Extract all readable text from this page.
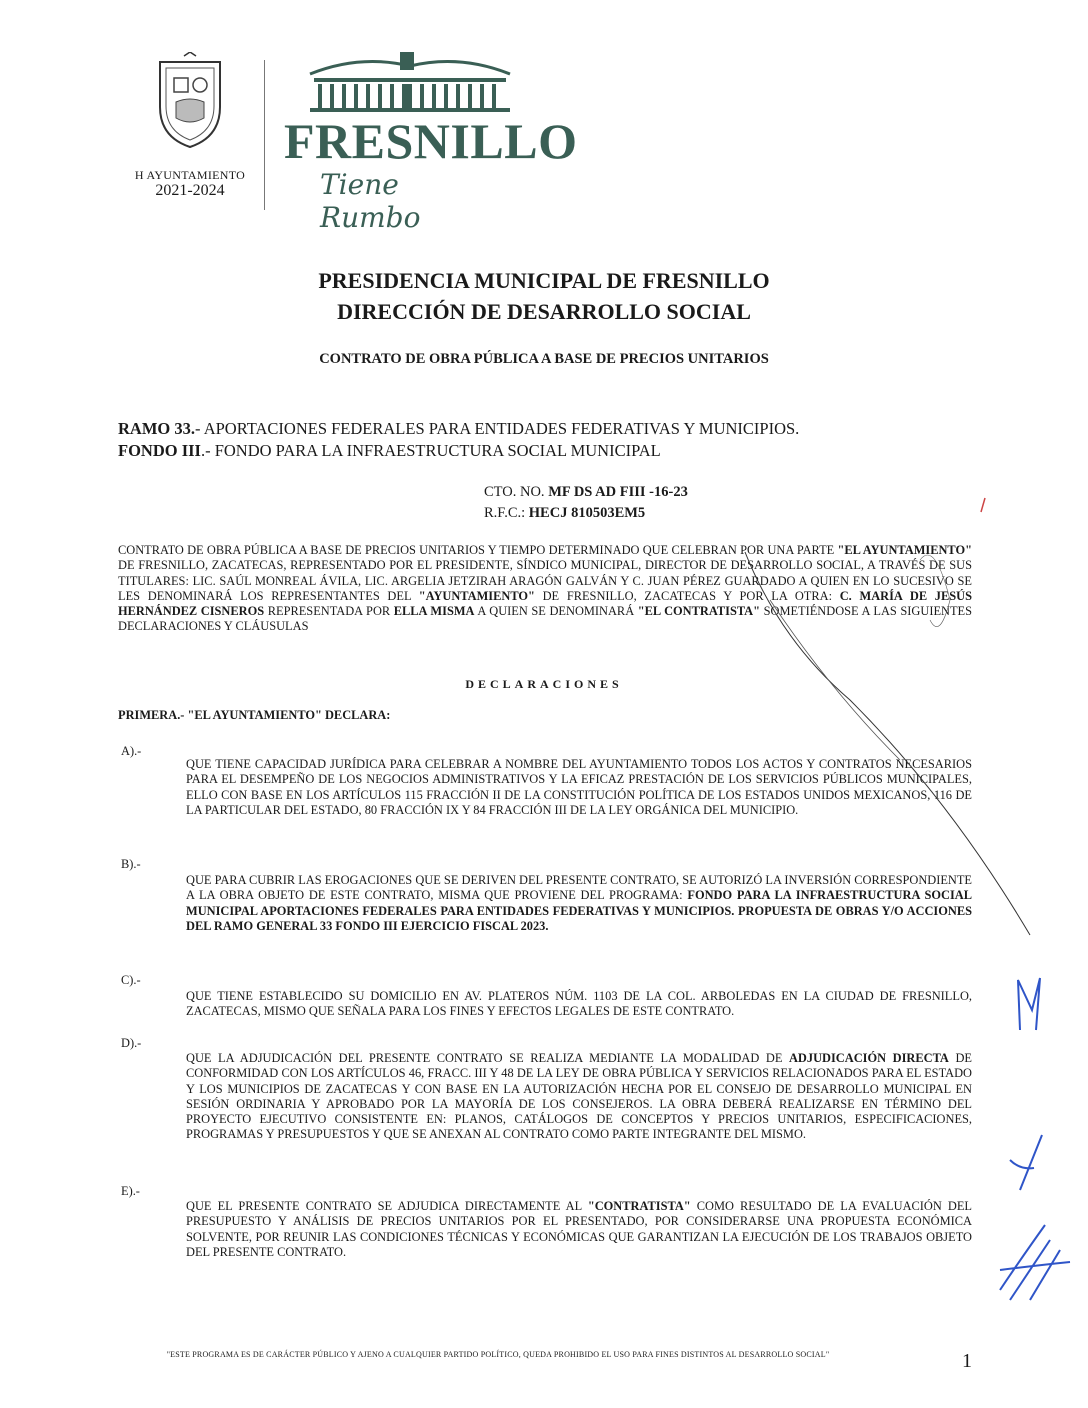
H AYUNTAMIENTO
2021-2024
FRESNILLO
Tiene Rumbo
PRESIDENCIA MUNICIPAL DE FRESNILLO
DIRECCIÓN DE DESARROLLO SOCIAL
CONTRATO DE OBRA PÚBLICA A BASE DE PRECIOS UNITARIOS
RAMO 33.- APORTACIONES FEDERALES PARA ENTIDADES FEDERATIVAS Y MUNICIPIOS.
FONDO III.- FONDO PARA LA INFRAESTRUCTURA SOCIAL MUNICIPAL
CTO. NO. MF DS AD FIII -16-23
R.F.C.: HECJ 810503EM5
CONTRATO DE OBRA PÚBLICA A BASE DE PRECIOS UNITARIOS Y TIEMPO DETERMINADO QUE CELEBRAN POR UNA PARTE "EL AYUNTAMIENTO" DE FRESNILLO, ZACATECAS, REPRESENTADO POR EL PRESIDENTE, SÍNDICO MUNICIPAL, DIRECTOR DE DESARROLLO SOCIAL, A TRAVÉS DE SUS TITULARES: LIC. SAÚL MONREAL ÁVILA, LIC. ARGELIA JETZIRAH ARAGÓN GALVÁN Y C. JUAN PÉREZ GUARDADO A QUIEN EN LO SUCESIVO SE LES DENOMINARÁ LOS REPRESENTANTES DEL "AYUNTAMIENTO" DE FRESNILLO, ZACATECAS Y POR LA OTRA: C. MARÍA DE JESÚS HERNÁNDEZ CISNEROS REPRESENTADA POR ELLA MISMA A QUIEN SE DENOMINARÁ "EL CONTRATISTA" SOMETIÉNDOSE A LAS SIGUIENTES DECLARACIONES Y CLÁUSULAS
DECLARACIONES
PRIMERA.- "EL AYUNTAMIENTO" DECLARA:
A).-
QUE TIENE CAPACIDAD JURÍDICA PARA CELEBRAR A NOMBRE DEL AYUNTAMIENTO TODOS LOS ACTOS Y CONTRATOS NECESARIOS PARA EL DESEMPEÑO DE LOS NEGOCIOS ADMINISTRATIVOS Y LA EFICAZ PRESTACIÓN DE LOS SERVICIOS PÚBLICOS MUNICIPALES, ELLO CON BASE EN LOS ARTÍCULOS 115 FRACCIÓN II DE LA CONSTITUCIÓN POLÍTICA DE LOS ESTADOS UNIDOS MEXICANOS, 116 DE LA PARTICULAR DEL ESTADO, 80 FRACCIÓN IX Y 84 FRACCIÓN III DE LA LEY ORGÁNICA DEL MUNICIPIO.
B).-
QUE PARA CUBRIR LAS EROGACIONES QUE SE DERIVEN DEL PRESENTE CONTRATO, SE AUTORIZÓ LA INVERSIÓN CORRESPONDIENTE A LA OBRA OBJETO DE ESTE CONTRATO, MISMA QUE PROVIENE DEL PROGRAMA: FONDO PARA LA INFRAESTRUCTURA SOCIAL MUNICIPAL APORTACIONES FEDERALES PARA ENTIDADES FEDERATIVAS Y MUNICIPIOS. PROPUESTA DE OBRAS Y/O ACCIONES DEL RAMO GENERAL 33 FONDO III EJERCICIO FISCAL 2023.
C).-
QUE TIENE ESTABLECIDO SU DOMICILIO EN AV. PLATEROS NÚM. 1103 DE LA COL. ARBOLEDAS EN LA CIUDAD DE FRESNILLO, ZACATECAS, MISMO QUE SEÑALA PARA LOS FINES Y EFECTOS LEGALES DE ESTE CONTRATO.
D).-
QUE LA ADJUDICACIÓN DEL PRESENTE CONTRATO SE REALIZA MEDIANTE LA MODALIDAD DE ADJUDICACIÓN DIRECTA DE CONFORMIDAD CON LOS ARTÍCULOS 46, FRACC. III Y 48 DE LA LEY DE OBRA PÚBLICA Y SERVICIOS RELACIONADOS PARA EL ESTADO Y LOS MUNICIPIOS DE ZACATECAS Y CON BASE EN LA AUTORIZACIÓN HECHA POR EL CONSEJO DE DESARROLLO MUNICIPAL EN SESIÓN ORDINARIA Y APROBADO POR LA MAYORÍA DE LOS CONSEJEROS. LA OBRA DEBERÁ REALIZARSE EN TÉRMINO DEL PROYECTO EJECUTIVO CONSISTENTE EN: PLANOS, CATÁLOGOS DE CONCEPTOS Y PRECIOS UNITARIOS, ESPECIFICACIONES, PROGRAMAS Y PRESUPUESTOS Y QUE SE ANEXAN AL CONTRATO COMO PARTE INTEGRANTE DEL MISMO.
E).-
QUE EL PRESENTE CONTRATO SE ADJUDICA DIRECTAMENTE AL "CONTRATISTA" COMO RESULTADO DE LA EVALUACIÓN DEL PRESUPUESTO Y ANÁLISIS DE PRECIOS UNITARIOS POR EL PRESENTADO, POR CONSIDERARSE UNA PROPUESTA ECONÓMICA SOLVENTE, POR REUNIR LAS CONDICIONES TÉCNICAS Y ECONÓMICAS QUE GARANTIZAN LA EJECUCIÓN DE LOS TRABAJOS OBJETO DEL PRESENTE CONTRATO.
"ESTE PROGRAMA ES DE CARÁCTER PÚBLICO Y AJENO A CUALQUIER PARTIDO POLÍTICO, QUEDA PROHIBIDO EL USO PARA FINES DISTINTOS AL DESARROLLO SOCIAL"	1
